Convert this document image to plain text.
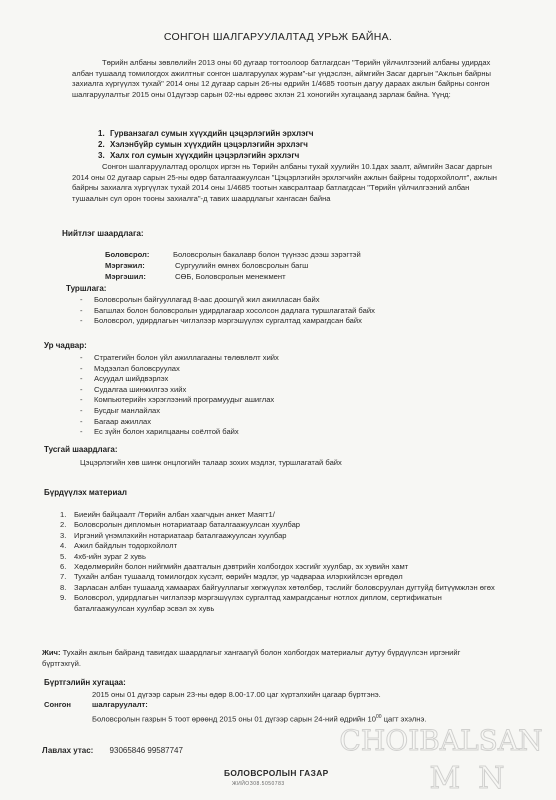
СОНГОН ШАЛГАРУУЛАЛТАД УРЬЖ БАЙНА.
Төрийн албаны зөвлөлийн 2013 оны 60 дугаар тогтоолоор батлагдсан "Төрийн үйлчилгээний албаны удирдах албан тушаалд томилогдох ажилтныг сонгон шалгаруулах журам"-ыг үндэслэн, аймгийн Засаг даргын "Ажлын байрны захиалга хүргүүлэх тухай" 2014 оны 12 дугаар сарын 26-ны өдрийн 1/4685 тоотын дагуу дараах ажлын байрны сонгон шалгаруулалтыг 2015 оны 01дүгээр сарын 02-ны өдрөөс эхлэн 21 хоногийн хугацаанд зарлаж байна. Үүнд:
1. Гурванзагал сумын хүүхдийн цэцэрлэгийн эрхлэгч
2. Хэлэнбүйр сумын хүүхдийн цэцэрлэгийн эрхлэгч
3. Халх гол сумын хүүхдийн цэцэрлэгийн эрхлэгч
Сонгон шалгаруулалтад оролцох иргэн нь Төрийн албаны тухай хуулийн 10.1дах заалт, аймгийн Засаг даргын 2014 оны 02 дугаар сарын 25-ны өдөр баталгаажуулсан "Цэцэрлэгийн эрхлэгчийн ажлын байрны тодорхойлолт", ажлын байрны захиалга хүргүүлэх тухай 2014 оны 1/4685 тоотын хавсралтаар батлагдсан "Төрийн үйлчилгээний албан тушаалын сул орон тооны захиалга"-д тавих шаардлагыг хангасан байна
Нийтлэг шаардлага:
Боловсрол:	Боловсролын бакалавр болон түүнээс дээш зэрэгтэй
Мэргэжил:	Сургуулийн өмнөх боловсролын багш
Мэргэшил:	СӨБ, Боловсролын менежмент
Туршлага:
- Боловсролын байгууллагад 8-аас доошгүй жил ажилласан байх
- Багшлах болон боловсролын удирдлагаар хосолсон дадлага туршлагатай байх
- Боловсрол, удирдлагын чиглэлээр мэргэшүүлэх сургалтад хамрагдсан байх
Ур чадвар:
- Стратегийн болон үйл ажиллагааны төлөвлөлт хийх
- Мэдээлэл боловсруулах
- Асуудал шийдвэрлэх
- Судалгаа шинжилгээ хийх
- Компьютерийн хэрэглээний програмуудыг ашиглах
- Бусдыг манлайлах
- Багаар ажиллах
- Ес зүйн болон харилцааны соёлтой байх
Тусгай шаардлага:
Цэцэрлэгийн хөв шинж онцлогийн талаар зохих мэдлэг, туршлагатай байх
Бүрдүүлэх материал
1. Биеийн байцаалт /Төрийн албан хаагчдын анкет Маягт1/
2. Боловсролын дипломын нотариатаар баталгаажуулсан хуулбар
3. Иргэний үнэмлэхийн нотариатаар баталгаажуулсан хуулбар
4. Ажил байдлын тодорхойлолт
5. 4х6-ийн зураг 2 хувь
6. Хөдөлмөрийн болон нийгмийн даатгалын дэвтрийн холбогдох хэсгийг хуулбар, эх хувийн хамт
7. Тухайн албан тушаалд томилогдох хүсэлт, өөрийн мэдлэг, ур чадвараа илэрхийлсэн өргөдөл
8. Зарласан албан тушаалд хамаарах байгууллагыг хөгжүүлэх хөтөлбөр, тэслийг боловсруулан дугтуйд битүүмжлэн өгөх
9. Боловсрол, удирдлагын чиглэлээр мэргэшүүлэх сургалтад хамрагдсаныг нотлох диплом, сертификатын баталгаажуулсан хуулбар эсвэл эх хувь
Жич: Тухайн ажлын байранд тавигдах шаардлагыг хангаагүй болон холбогдох материалыг дутуу бүрдүүлсэн иргэнийг бүртгэхгүй.
Бүртгэлийн хугацаа:
2015 оны 01 дүгээр сарын 23-ны өдөр 8.00-17.00 цаг хүртэлхийн цагаар бүртгэнэ.
Сонгон	шалгаруулалт:
Боловсролын газрын 5 тоот өрөөнд 2015 оны 01 дүгээр сарын 24-ний өдрийн $10^{00}$ цагт эхэлнэ.
Лавлах утас: 93065846 99587747
БОЛОВСРОЛЫН ГАЗАР
ЖИЙОЗ08.5050783
CHOIBALSAN
MN
